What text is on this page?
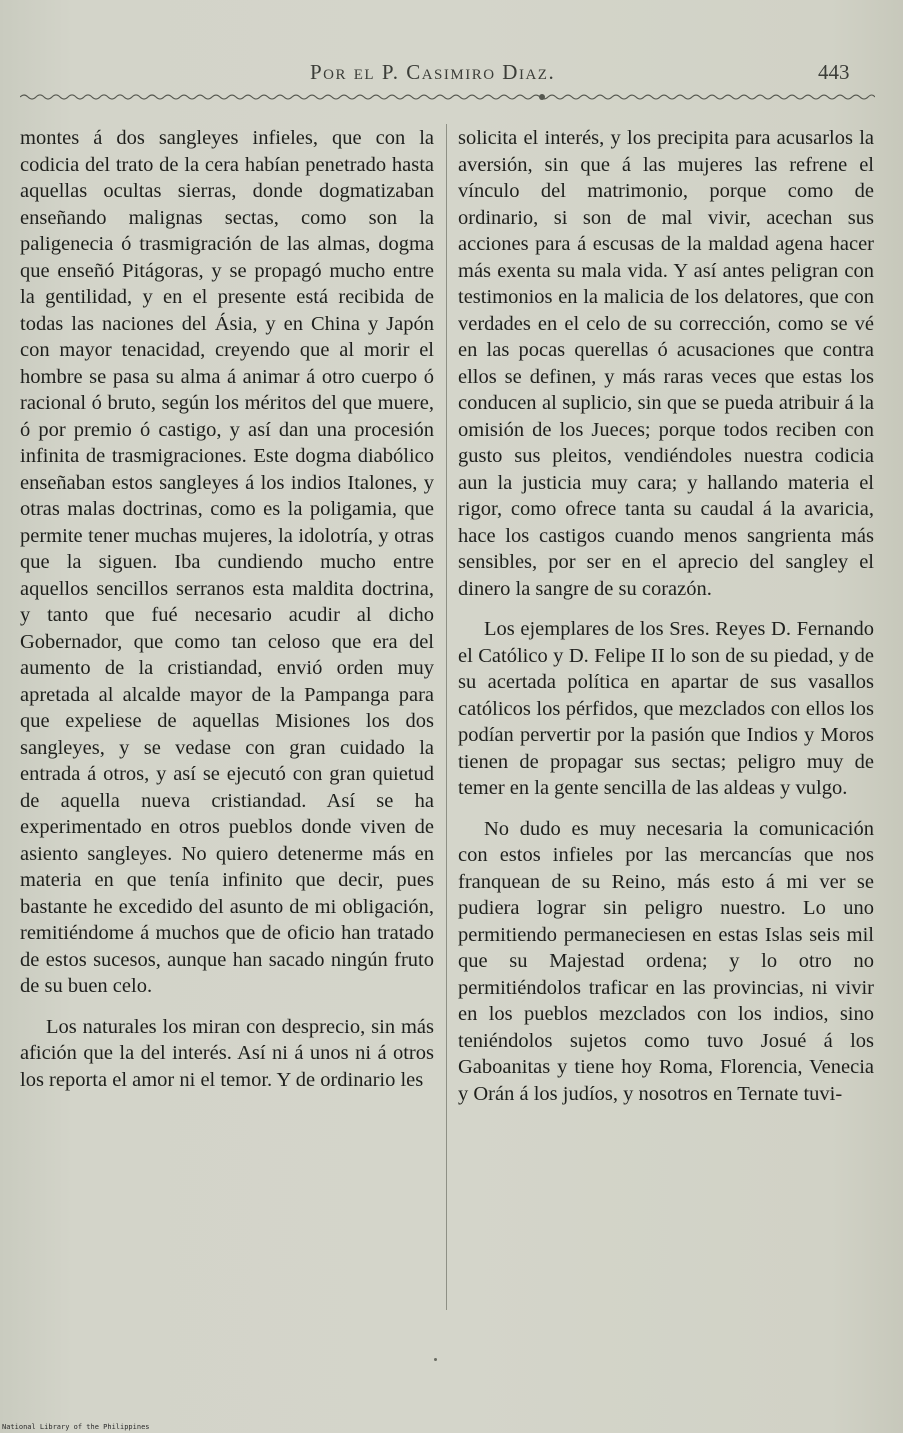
Por el P. Casimiro Diaz.	443

montes á dos sangleyes infieles, que con la codicia del trato de la cera habían penetrado hasta aquellas ocultas sierras, donde dogmatizaban enseñando malignas sectas, como son la paligenecia ó trasmigración de las almas, dogma que enseñó Pitágoras, y se propagó mucho entre la gentilidad, y en el presente está recibida de todas las naciones del Ásia, y en China y Japón con mayor tenacidad, creyendo que al morir el hombre se pasa su alma á animar á otro cuerpo ó racional ó bruto, según los méritos del que muere, ó por premio ó castigo, y así dan una procesión infinita de trasmigraciones. Este dogma diabólico enseñaban estos sangleyes á los indios Italones, y otras malas doctrinas, como es la poligamia, que permite tener muchas mujeres, la idolotría, y otras que la siguen. Iba cundiendo mucho entre aquellos sencillos serranos esta maldita doctrina, y tanto que fué necesario acudir al dicho Gobernador, que como tan celoso que era del aumento de la cristiandad, envió orden muy apretada al alcalde mayor de la Pampanga para que expeliese de aquellas Misiones los dos sangleyes, y se vedase con gran cuidado la entrada á otros, y así se ejecutó con gran quietud de aquella nueva cristiandad. Así se ha experimentado en otros pueblos donde viven de asiento sangleyes. No quiero detenerme más en materia en que tenía infinito que decir, pues bastante he excedido del asunto de mi obligación, remitiéndome á muchos que de oficio han tratado de estos sucesos, aunque han sacado ningún fruto de su buen celo.

Los naturales los miran con desprecio, sin más afición que la del interés. Así ni á unos ni á otros los reporta el amor ni el temor. Y de ordinario les

solicita el interés, y los precipita para acusarlos la aversión, sin que á las mujeres las refrene el vínculo del matrimonio, porque como de ordinario, si son de mal vivir, acechan sus acciones para á escusas de la maldad agena hacer más exenta su mala vida. Y así antes peligran con testimonios en la malicia de los delatores, que con verdades en el celo de su corrección, como se vé en las pocas querellas ó acusaciones que contra ellos se definen, y más raras veces que estas los conducen al suplicio, sin que se pueda atribuir á la omisión de los Jueces; porque todos reciben con gusto sus pleitos, vendiéndoles nuestra codicia aun la justicia muy cara; y hallando materia el rigor, como ofrece tanta su caudal á la avaricia, hace los castigos cuando menos sangrienta más sensibles, por ser en el aprecio del sangley el dinero la sangre de su corazón.

Los ejemplares de los Sres. Reyes D. Fernando el Católico y D. Felipe II lo son de su piedad, y de su acertada política en apartar de sus vasallos católicos los pérfidos, que mezclados con ellos los podían pervertir por la pasión que Indios y Moros tienen de propagar sus sectas; peligro muy de temer en la gente sencilla de las aldeas y vulgo.

No dudo es muy necesaria la comunicación con estos infieles por las mercancías que nos franquean de su Reino, más esto á mi ver se pudiera lograr sin peligro nuestro. Lo uno permitiendo permaneciesen en estas Islas seis mil que su Majestad ordena; y lo otro no permitiéndolos traficar en las provincias, ni vivir en los pueblos mezclados con los indios, sino teniéndolos sujetos como tuvo Josué á los Gaboanitas y tiene hoy Roma, Florencia, Venecia y Orán á los judíos, y nosotros en Ternate tuvi-

National Library of the Philippines
